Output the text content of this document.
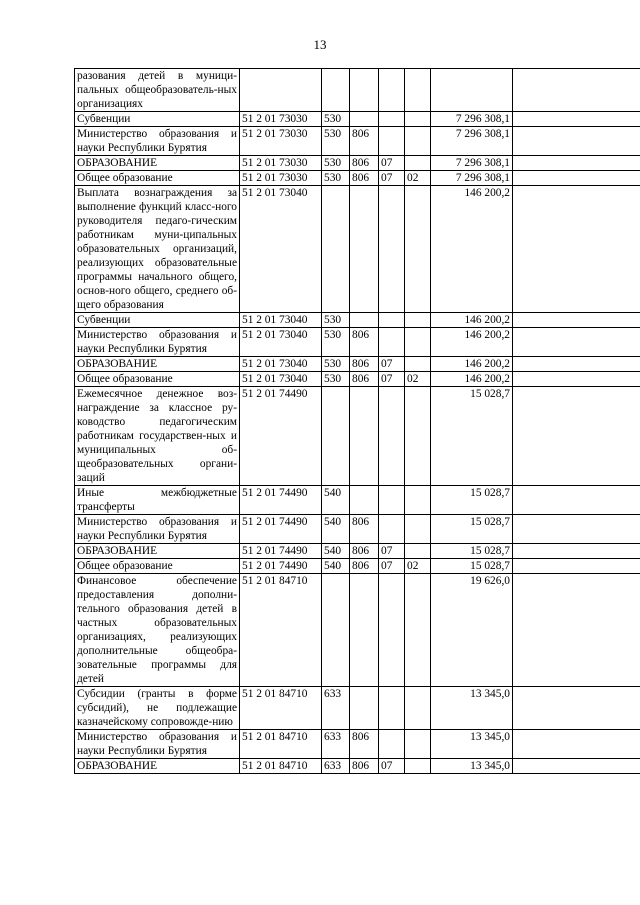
13
разования детей в муници-пальных общеобразователь-ных организациях							
Субвенции	51 2 01 73030	530				7 296 308,1	
Министерство образования и науки Республики Бурятия	51 2 01 73030	530	806			7 296 308,1	
ОБРАЗОВАНИЕ	51 2 01 73030	530	806	07		7 296 308,1	
Общее образование	51 2 01 73030	530	806	07	02	7 296 308,1	
Выплата вознаграждения за выполнение функций класс-ного руководителя педаго-гическим работникам муни-ципальных образовательных организаций, реализующих образовательные программы начального общего, основ-ного общего, среднего об-щего образования	51 2 01 73040					146 200,2	
Субвенции	51 2 01 73040	530				146 200,2	
Министерство образования и науки Республики Бурятия	51 2 01 73040	530	806			146 200,2	
ОБРАЗОВАНИЕ	51 2 01 73040	530	806	07		146 200,2	
Общее образование	51 2 01 73040	530	806	07	02	146 200,2	
Ежемесячное денежное воз-награждение за классное ру-ководство педагогическим работникам государствен-ных и муниципальных об-щеобразовательных органи-заций	51 2 01 74490					15 028,7	
Иные межбюджетные трансферты	51 2 01 74490	540				15 028,7	
Министерство образования и науки Республики Бурятия	51 2 01 74490	540	806			15 028,7	
ОБРАЗОВАНИЕ	51 2 01 74490	540	806	07		15 028,7	
Общее образование	51 2 01 74490	540	806	07	02	15 028,7	
Финансовое обеспечение предоставления дополни-тельного образования детей в частных образовательных организациях, реализующих дополнительные общеобра-зовательные программы для детей	51 2 01 84710					19 626,0	
Субсидии (гранты в форме субсидий), не подлежащие казначейскому сопровожде-нию	51 2 01 84710	633				13 345,0	
Министерство образования и науки Республики Бурятия	51 2 01 84710	633	806			13 345,0	
ОБРАЗОВАНИЕ	51 2 01 84710	633	806	07		13 345,0	
